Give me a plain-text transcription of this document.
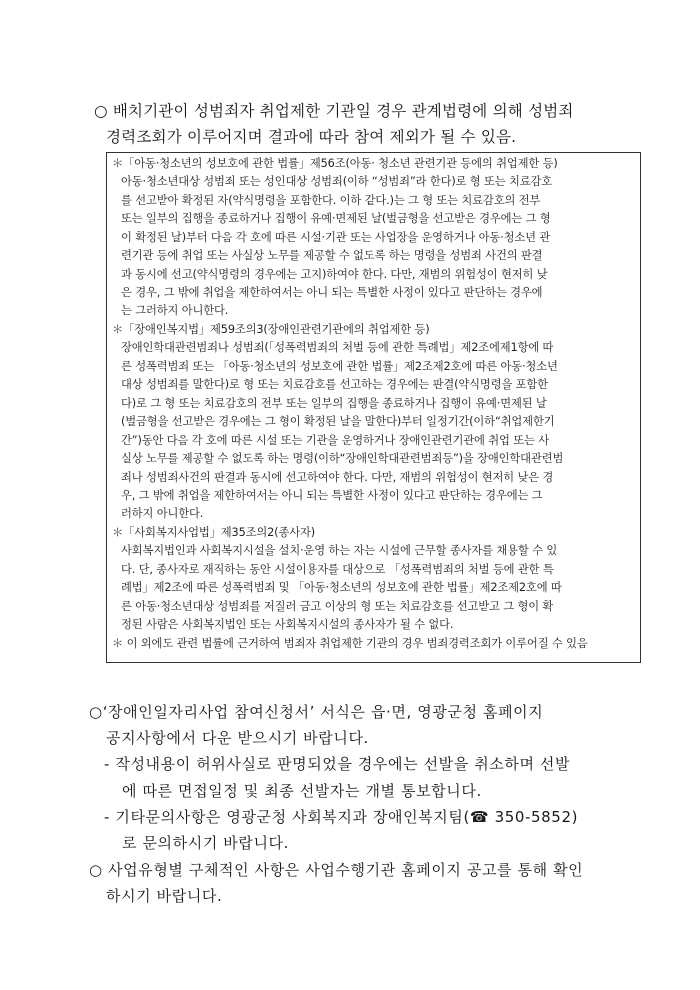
○ 배치기관이 성범죄자 취업제한 기관일 경우 관계법령에 의해 성범죄
경력조회가 이루어지며 결과에 따라 참여 제외가 될 수 있음.
＊「아동·청소년의 성보호에 관한 법률」제56조(아동· 청소년 관련기관 등에의 취업제한 등)
아동·청소년대상 성범죄 또는 성인대상 성범죄(이하 “성범죄”라 한다)로 형 또는 치료감호
를 선고받아 확정된 자(약식명령을 포함한다. 이하 같다.)는 그 형 또는 치료감호의 전부
또는 일부의 집행을 종료하거나 집행이 유예·면제된 날(벌금형을 선고받은 경우에는 그 형
이 확정된 날)부터 다음 각 호에 따른 시설·기관 또는 사업장을 운영하거나 아동·청소년 관
련기관 등에 취업 또는 사실상 노무를 제공할 수 없도록 하는 명령을 성범죄 사건의 판결
과 동시에 선고(약식명령의 경우에는 고지)하여야 한다. 다만, 재범의 위험성이 현저히 낮
은 경우, 그 밖에 취업을 제한하여서는 아니 되는 특별한 사정이 있다고 판단하는 경우에
는 그러하지 아니한다.
＊「장애인복지법」제59조의3(장애인관련기관에의 취업제한 등)
장애인학대관련범죄나 성범죄(「성폭력범죄의 처벌 등에 관한 특례법」제2조에제1항에 따
른 성폭력범죄 또는 「아동·청소년의 성보호에 관한 법률」제2조제2호에 따른 아동·청소년
대상 성범죄를 말한다)로 형 또는 치료감호를 선고하는 경우에는 판결(약식명령을 포함한
다)로 그 형 또는 치료감호의 전부 또는 일부의 집행을 종료하거나 집행이 유예·면제된 날
(벌금형을 선고받은 경우에는 그 형이 확정된 날을 말한다)부터 일정기간(이하“취업제한기
간”)동안 다음 각 호에 따른 시설 또는 기관을 운영하거나 장애인관련기관에 취업 또는 사
실상 노무를 제공할 수 없도록 하는 명령(이하“장애인학대관련범죄등”)을 장애인학대관련범
죄나 성범죄사건의 판결과 동시에 선고하여야 한다. 다만, 재범의 위험성이 현저히 낮은 경
우, 그 밖에 취업을 제한하여서는 아니 되는 특별한 사정이 있다고 판단하는 경우에는 그
러하지 아니한다.
＊「사회복지사업법」제35조의2(종사자)
사회복지법인과 사회복지시설을 설치·운영 하는 자는 시설에 근무할 종사자를 채용할 수 있
다. 단, 종사자로 재직하는 동안 시설이용자를 대상으로 「성폭력범죄의 처벌 등에 관한 특
례법」제2조에 따른 성폭력범죄 및 「아동·청소년의 성보호에 관한 법률」제2조제2호에 따
른 아동·청소년대상 성범죄를 저질러 금고 이상의 형 또는 치료감호를 선고받고 그 형이 확
정된 사람은 사회복지법인 또는 사회복지시설의 종사자가 될 수 없다.
＊ 이 외에도 관련 법률에 근거하여 범죄자 취업제한 기관의 경우 범죄경력조회가 이루어질 수 있음
○‘장애인일자리사업 참여신청서’ 서식은 읍·면, 영광군청 홈페이지
공지사항에서 다운 받으시기 바랍니다.
- 작성내용이 허위사실로 판명되었을 경우에는 선발을 취소하며 선발
에 따른 면접일정 및 최종 선발자는 개별 통보합니다.
- 기타문의사항은 영광군청 사회복지과 장애인복지팀(☎ 350-5852)
로 문의하시기 바랍니다.
○ 사업유형별 구체적인 사항은 사업수행기관 홈페이지 공고를 통해 확인
하시기 바랍니다.
